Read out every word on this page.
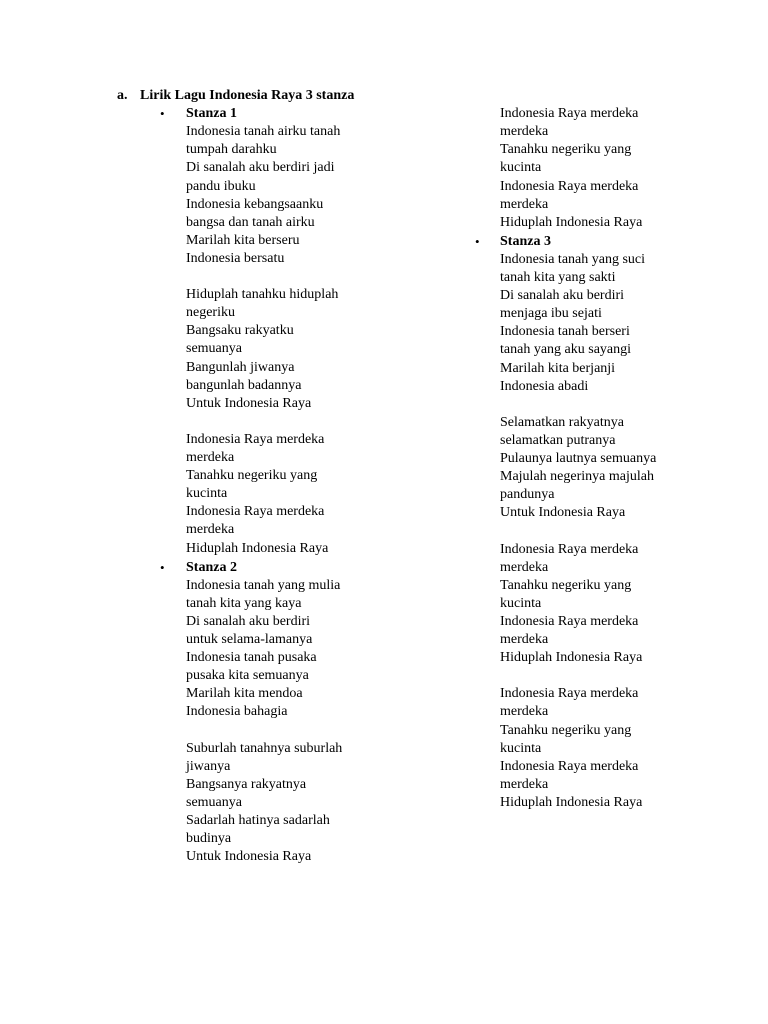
a. Lirik Lagu Indonesia Raya 3 stanza
• Stanza 1
Indonesia tanah airku tanah
tumpah darahku
Di sanalah aku berdiri jadi
pandu ibuku
Indonesia kebangsaanku
bangsa dan tanah airku
Marilah kita berseru
Indonesia bersatu
Hiduplah tanahku hiduplah
negeriku
Bangsaku rakyatku
semuanya
Bangunlah jiwanya
bangunlah badannya
Untuk Indonesia Raya
Indonesia Raya merdeka
merdeka
Tanahku negeriku yang
kucinta
Indonesia Raya merdeka
merdeka
Hiduplah Indonesia Raya
• Stanza 2
Indonesia tanah yang mulia
tanah kita yang kaya
Di sanalah aku berdiri
untuk selama-lamanya
Indonesia tanah pusaka
pusaka kita semuanya
Marilah kita mendoa
Indonesia bahagia
Suburlah tanahnya suburlah
jiwanya
Bangsanya rakyatnya
semuanya
Sadarlah hatinya sadarlah
budinya
Untuk Indonesia Raya
Indonesia Raya merdeka
merdeka
Tanahku negeriku yang
kucinta
Indonesia Raya merdeka
merdeka
Hiduplah Indonesia Raya
• Stanza 3
Indonesia tanah yang suci
tanah kita yang sakti
Di sanalah aku berdiri
menjaga ibu sejati
Indonesia tanah berseri
tanah yang aku sayangi
Marilah kita berjanji
Indonesia abadi
Selamatkan rakyatnya
selamatkan putranya
Pulaunya lautnya semuanya
Majulah negerinya majulah
pandunya
Untuk Indonesia Raya
Indonesia Raya merdeka
merdeka
Tanahku negeriku yang
kucinta
Indonesia Raya merdeka
merdeka
Hiduplah Indonesia Raya
Indonesia Raya merdeka
merdeka
Tanahku negeriku yang
kucinta
Indonesia Raya merdeka
merdeka
Hiduplah Indonesia Raya
